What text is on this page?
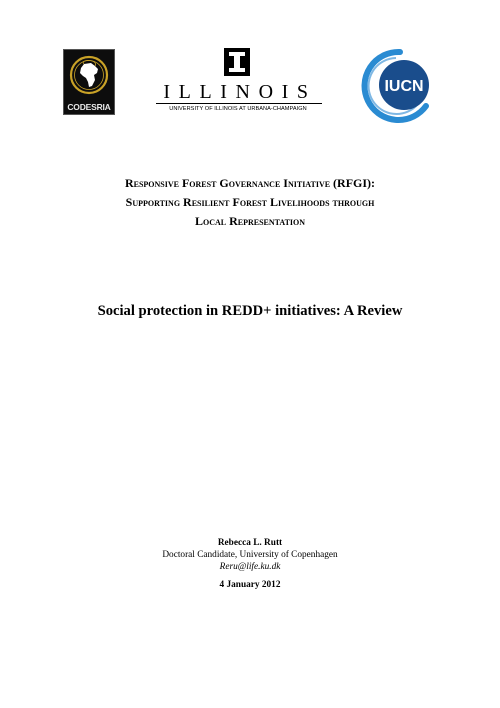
CODESRIA
ILLINOIS
UNIVERSITY OF ILLINOIS AT URBANA-CHAMPAIGN
IUCN
Responsive Forest Governance Initiative (RFGI):
Supporting Resilient Forest Livelihoods through
Local Representation
Social protection in REDD+ initiatives: A Review
Rebecca L. Rutt
Doctoral Candidate, University of Copenhagen
Reru@life.ku.dk
4 January 2012
